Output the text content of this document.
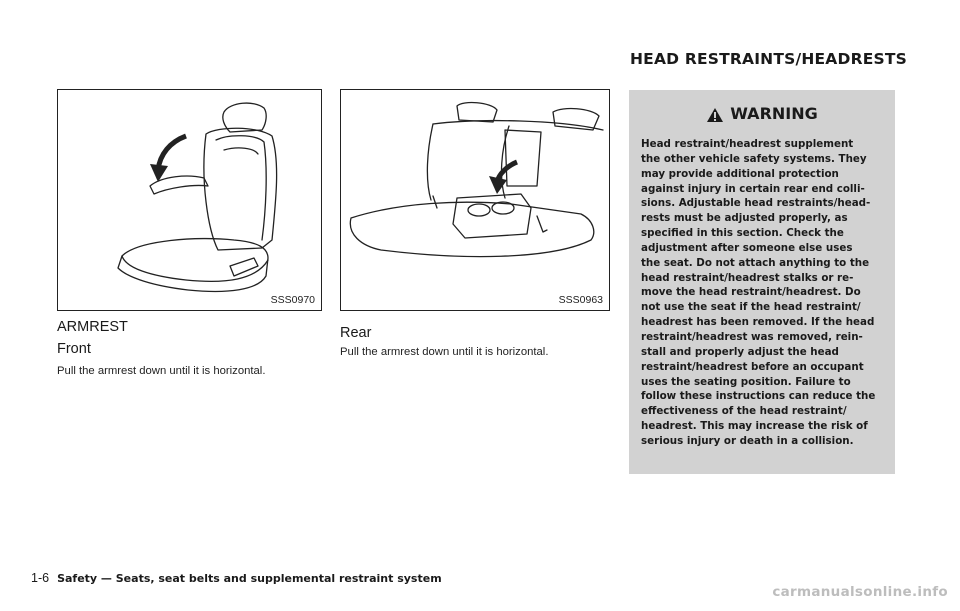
HEAD RESTRAINTS/HEADRESTS
SSS0970	SSS0963
ARMREST
Front
Pull the armrest down until it is horizontal.
Rear
Pull the armrest down until it is horizontal.
WARNING
Head restraint/headrest supplement
the other vehicle safety systems. They
may provide additional protection
against injury in certain rear end colli-
sions. Adjustable head restraints/head-
rests must be adjusted properly, as
specified in this section. Check the
adjustment after someone else uses
the seat. Do not attach anything to the
head restraint/headrest stalks or re-
move the head restraint/headrest. Do
not use the seat if the head restraint/
headrest has been removed. If the head
restraint/headrest was removed, rein-
stall and properly adjust the head
restraint/headrest before an occupant
uses the seating position. Failure to
follow these instructions can reduce the
effectiveness of the head restraint/
headrest. This may increase the risk of
serious injury or death in a collision.
1-6 Safety — Seats, seat belts and supplemental restraint system
carmanualsonline.info
